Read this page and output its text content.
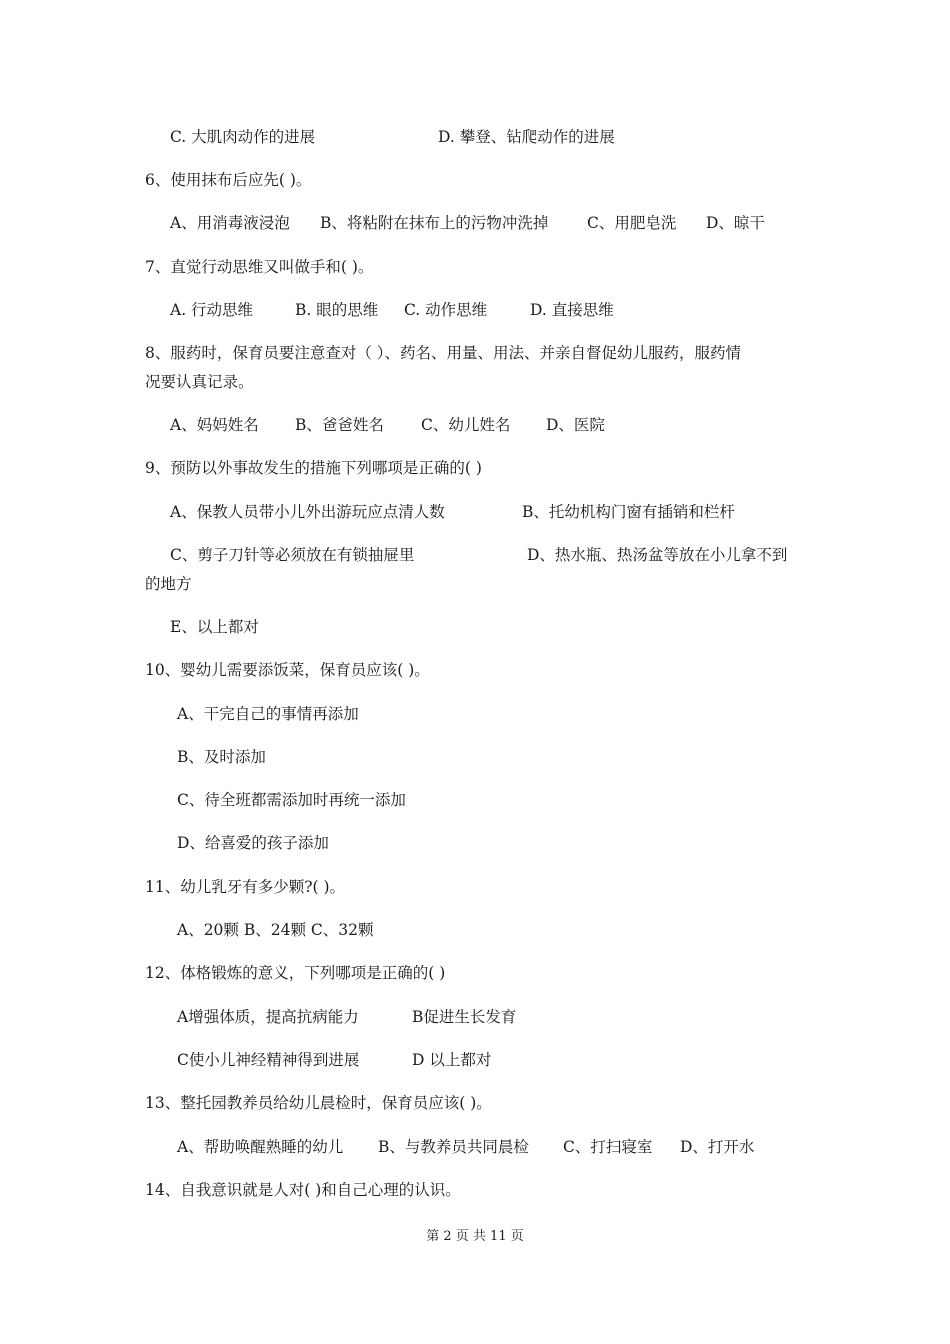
C. 大肌肉动作的进展	D. 攀登、钻爬动作的进展
6、使用抹布后应先( )。
A、用消毒液浸泡 B、将粘附在抹布上的污物冲洗掉 C、用肥皂洗 D、晾干
7、直觉行动思维又叫做手和( )。
A. 行动思维	B. 眼的思维 C. 动作思维	D. 直接思维
8、服药时，保育员要注意查对（ ）、药名、用量、用法、并亲自督促幼儿服药，服药情
况要认真记录。
A、妈妈姓名 B、爸爸姓名 C、幼儿姓名 D、医院
9、预防以外事故发生的措施下列哪项是正确的( )
A、保教人员带小儿外出游玩应点清人数	B、托幼机构门窗有插销和栏杆
C、剪子刀针等必须放在有锁抽屉里	D、热水瓶、热汤盆等放在小儿拿不到
的地方
E、以上都对
10、婴幼儿需要添饭菜，保育员应该( )。
A、干完自己的事情再添加
B、及时添加
C、待全班都需添加时再统一添加
D、给喜爱的孩子添加
11、幼儿乳牙有多少颗?( )。
A、20颗 B、24颗 C、32颗
12、体格锻炼的意义，下列哪项是正确的( )
A增强体质，提高抗病能力	B促进生长发育
C使小儿神经精神得到进展	D 以上都对
13、整托园教养员给幼儿晨检时，保育员应该( )。
A、帮助唤醒熟睡的幼儿 B、与教养员共同晨检 C、打扫寝室 D、打开水
14、自我意识就是人对( )和自己心理的认识。
第 2 页 共 11 页
